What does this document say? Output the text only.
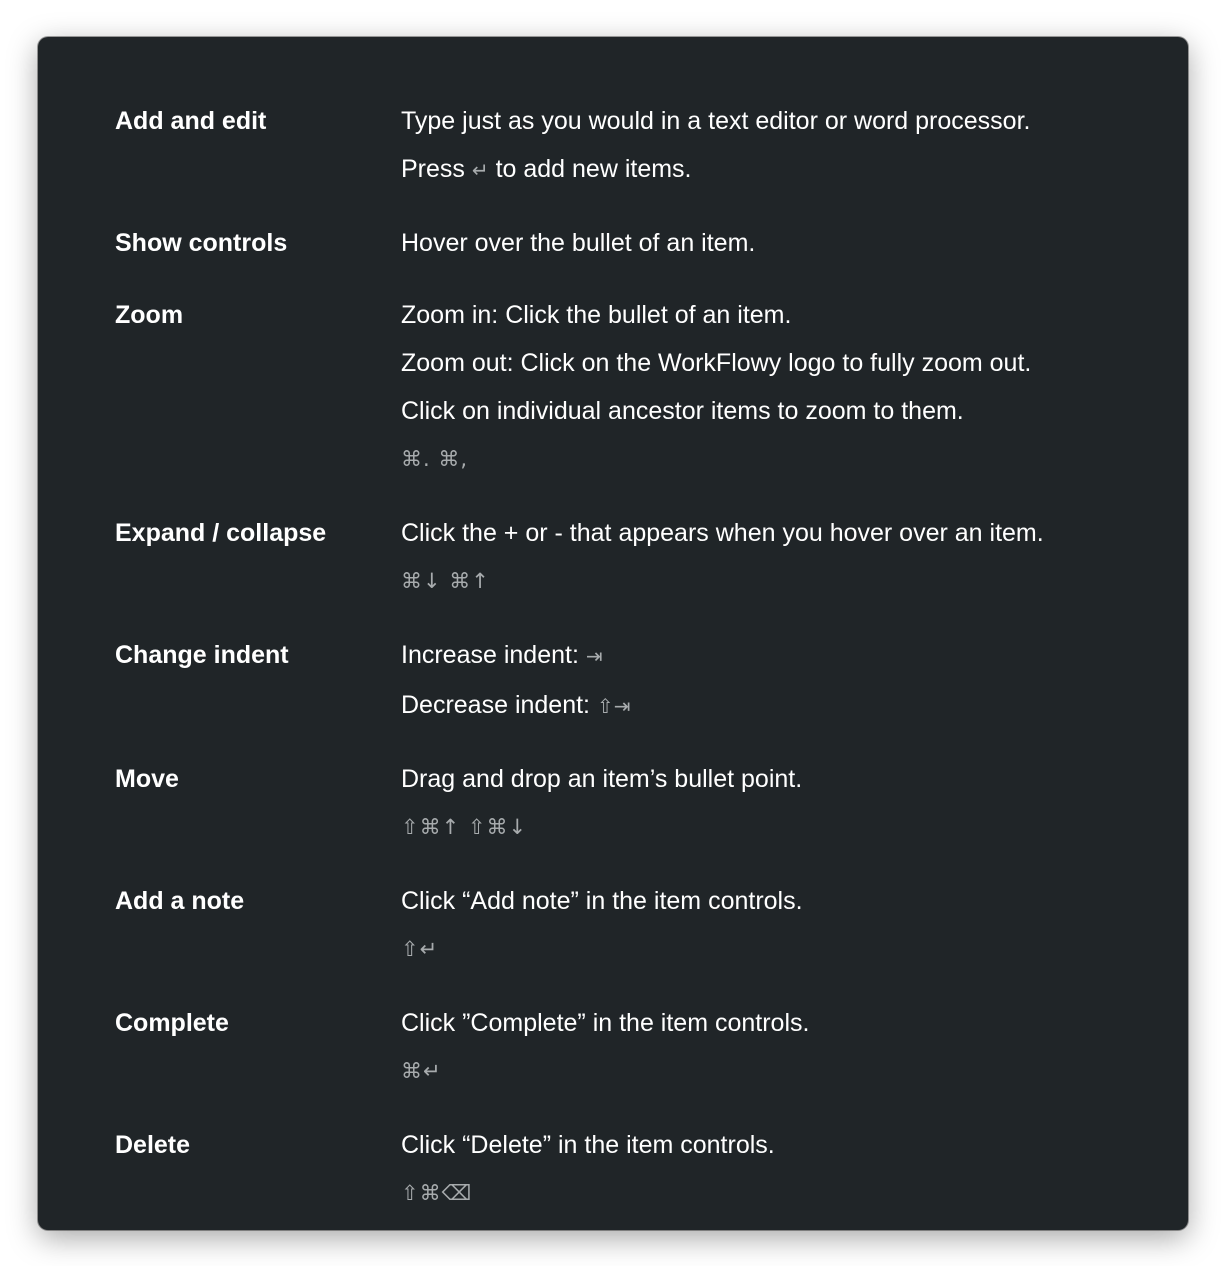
Add and edit	Type just as you would in a text editor or word processor.
Press ↵ to add new items.
Show controls	Hover over the bullet of an item.
Zoom	Zoom in: Click the bullet of an item.
Zoom out: Click on the WorkFlowy logo to fully zoom out.
Click on individual ancestor items to zoom to them.
⌘. ⌘,
Expand / collapse	Click the + or - that appears when you hover over an item.
⌘↓ ⌘↑
Change indent	Increase indent: ⇥
Decrease indent: ⇧⇥
Move	Drag and drop an item’s bullet point.
⇧⌘↑ ⇧⌘↓
Add a note	Click “Add note” in the item controls.
⇧↵
Complete	Click ”Complete” in the item controls.
⌘↵
Delete	Click “Delete” in the item controls.
⇧⌘⌫
